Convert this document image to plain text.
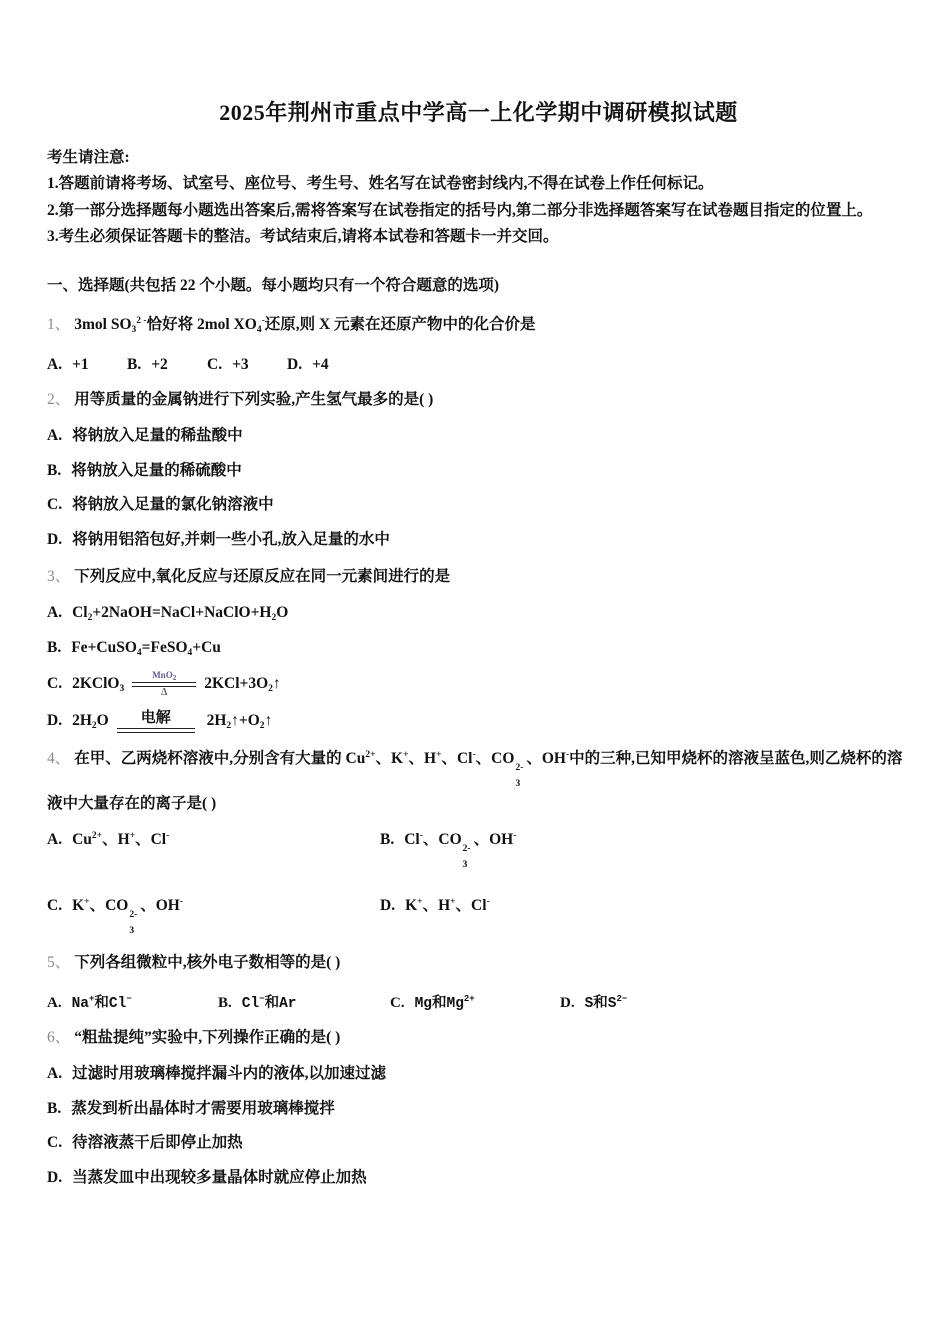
2025年荆州市重点中学高一上化学期中调研模拟试题

考生请注意:

1.答题前请将考场、试室号、座位号、考生号、姓名写在试卷密封线内,不得在试卷上作任何标记。

2.第一部分选择题每小题选出答案后,需将答案写在试卷指定的括号内,第二部分非选择题答案写在试卷题目指定的位置上。

3.考生必须保证答题卡的整洁。考试结束后,请将本试卷和答题卡一并交回。

一、选择题(共包括 22 个小题。每小题均只有一个符合题意的选项)

1、 3mol $SO_3^{2 -}$恰好将 2mol $XO_4^-$还原,则 X 元素在还原产物中的化合价是

A. +1	B. +2	C. +3	D. +4

2、 用等质量的金属钠进行下列实验,产生氢气最多的是( )

A. 将钠放入足量的稀盐酸中

B. 将钠放入足量的稀硫酸中

C. 将钠放入足量的氯化钠溶液中

D. 将钠用铝箔包好,并刺一些小孔,放入足量的水中

3、 下列反应中,氧化反应与还原反应在同一元素间进行的是

A. $Cl_2+2NaOH=NaCl+NaClO+H_2O$

B. Fe+CuSO$_4$=FeSO$_4$+Cu

C. 2KClO$_3$
MnO$_2$
Δ
$2KCl+3O_2↑$

D. $2H_2O$ 电解 $2H_2↑+O_2↑$

4、 在甲、乙两烧杯溶液中,分别含有大量的 $Cu^{2+}$、K+、H+、Cl-、CO
2-
3
、OH-中的三种,已知甲烧杯的溶液呈蓝色,则乙烧杯的溶液中大量存在的离子是( )

A. $Cu^{2+}$、H+、Cl-	B. Cl-、CO
2-
3
、OH-
C. K+、CO
2-
3
、OH-	D. K+、H+、Cl-

5、 下列各组微粒中,核外电子数相等的是( )

A. Na+和Cl−	B. Cl−和Ar	C. Mg和$Mg^{2+}$	D. S和$S^{2-}$

6、 “粗盐提纯”实验中,下列操作正确的是( )

A. 过滤时用玻璃棒搅拌漏斗内的液体,以加速过滤

B. 蒸发到析出晶体时才需要用玻璃棒搅拌

C. 待溶液蒸干后即停止加热

D. 当蒸发皿中出现较多量晶体时就应停止加热
